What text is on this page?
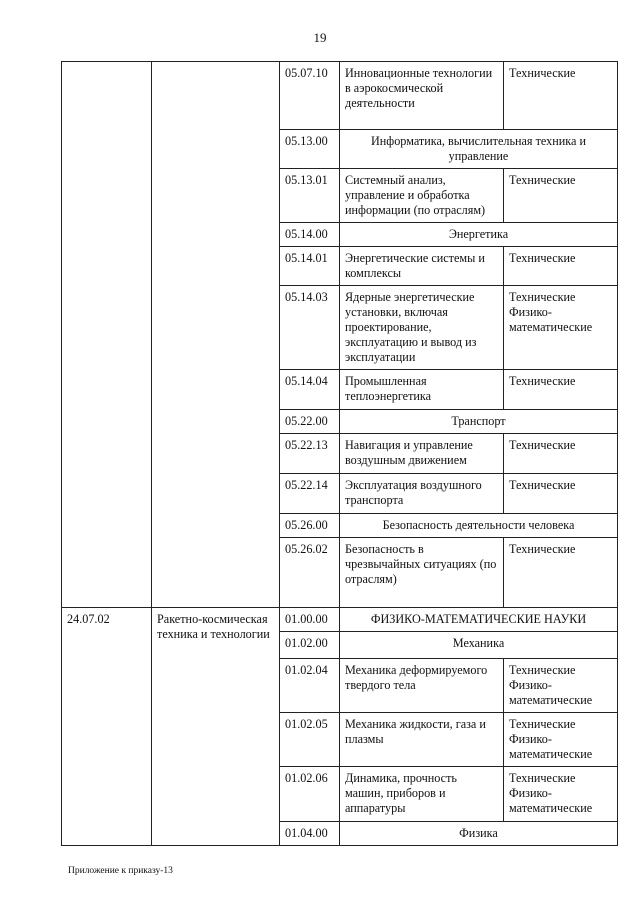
19
		05.07.10	Инновационные технологии в аэрокосмической деятельности	Технические

		05.13.00	Информатика, вычислительная техника и управление	
		05.13.01	Системный анализ, управление и обработка информации (по отраслям)	Технические

		05.14.00	Энергетика	
		05.14.01	Энергетические системы и комплексы	Технические

		05.14.03	Ядерные энергетические установки, включая проектирование, эксплуатацию и вывод из эксплуатации	Технические
Физико-математические

		05.14.04	Промышленная теплоэнергетика	Технические

		05.22.00	Транспорт	
		05.22.13	Навигация и управление воздушным движением	Технические

		05.22.14	Эксплуатация воздушного транспорта	Технические

		05.26.00	Безопасность деятельности человека	
		05.26.02	Безопасность в чрезвычайных ситуациях (по отраслям)	Технические

24.07.02	Ракетно-космическая техника и технологии	01.00.00	ФИЗИКО-МАТЕМАТИЧЕСКИЕ НАУКИ	
		01.02.00	Механика	
		01.02.04	Механика деформируемого твердого тела	Технические
Физико-математические

		01.02.05	Механика жидкости, газа и плазмы	Технические
Физико-математические

		01.02.06	Динамика, прочность машин, приборов и аппаратуры	Технические
Физико-математические

		01.04.00	Физика	
Приложение к приказу-13
